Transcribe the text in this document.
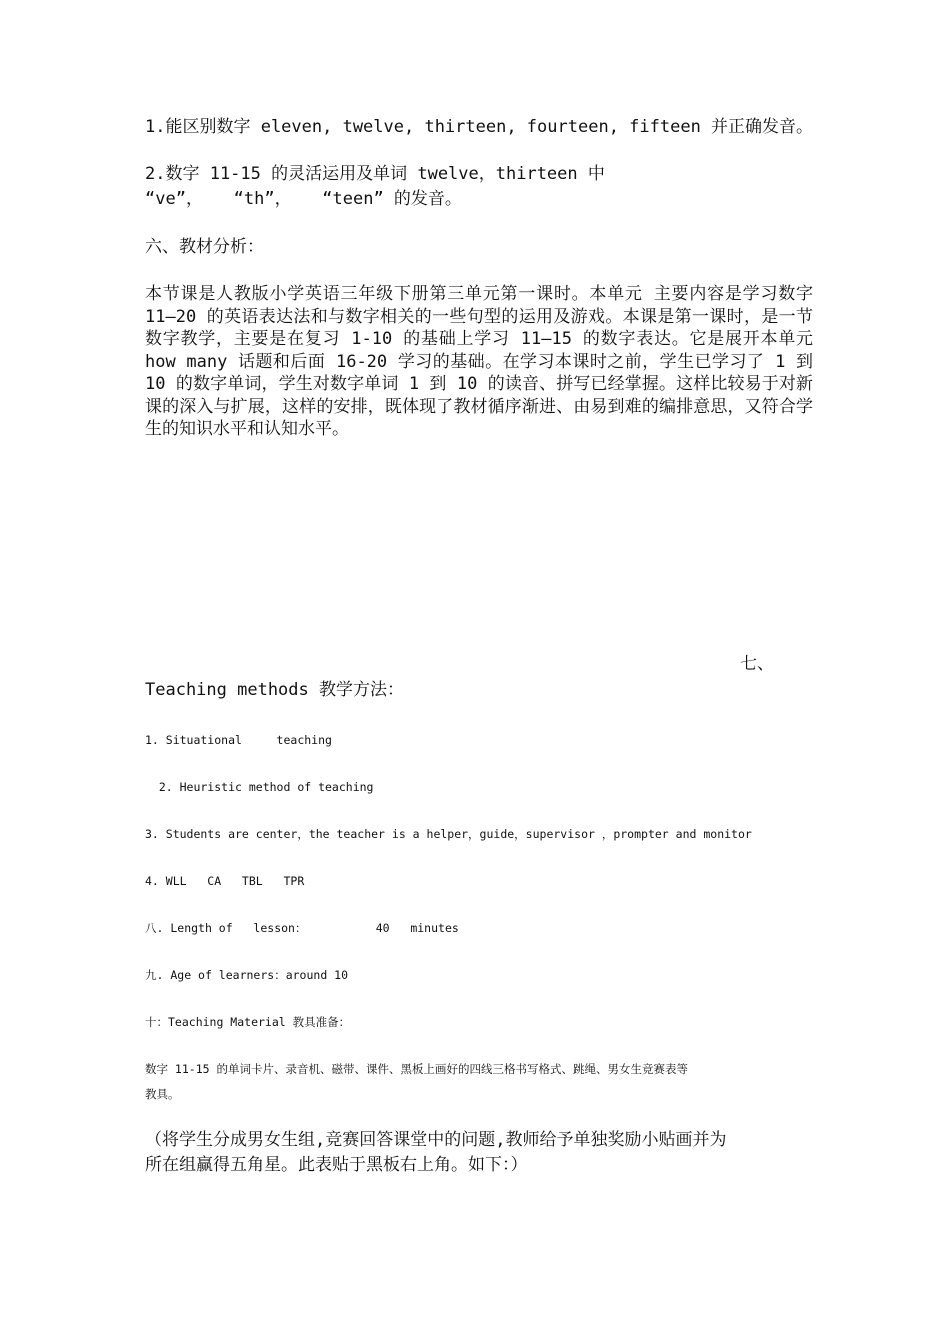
1.能区别数字 eleven, twelve, thirteen, fourteen, fifteen 并正确发音。
2.数字 11-15 的灵活运用及单词 twelve，thirteen 中
“ve”，   “th”，   “teen” 的发音。
六、教材分析：
本节课是人教版小学英语三年级下册第三单元第一课时。本单元 主要内容是学习数字 11—20 的英语表达法和与数字相关的一些句型的运用及游戏。本课是第一课时，是一节数字教学，主要是在复习 1-10 的基础上学习 11—15 的数字表达。它是展开本单元 how many 话题和后面 16-20 学习的基础。在学习本课时之前，学生已学习了 1 到 10 的数字单词，学生对数字单词 1 到 10 的读音、拼写已经掌握。这样比较易于对新课的深入与扩展，这样的安排，既体现了教材循序渐进、由易到难的编排意思，又符合学生的知识水平和认知水平。
七、
Teaching methods 教学方法：
1. Situational     teaching
2. Heuristic method of teaching
3. Students are center，the teacher is a helper，guide，supervisor ，prompter and monitor
4. WLL   CA   TBL   TPR
八. Length of   lesson：          40   minutes
九. Age of learners：around 10
十：Teaching Material 教具准备：
数字 11-15 的单词卡片、录音机、磁带、课件、黑板上画好的四线三格书写格式、跳绳、男女生竞赛表等
教具。
（将学生分成男女生组,竞赛回答课堂中的问题,教师给予单独奖励小贴画并为
所在组赢得五角星。此表贴于黑板右上角。如下：）
